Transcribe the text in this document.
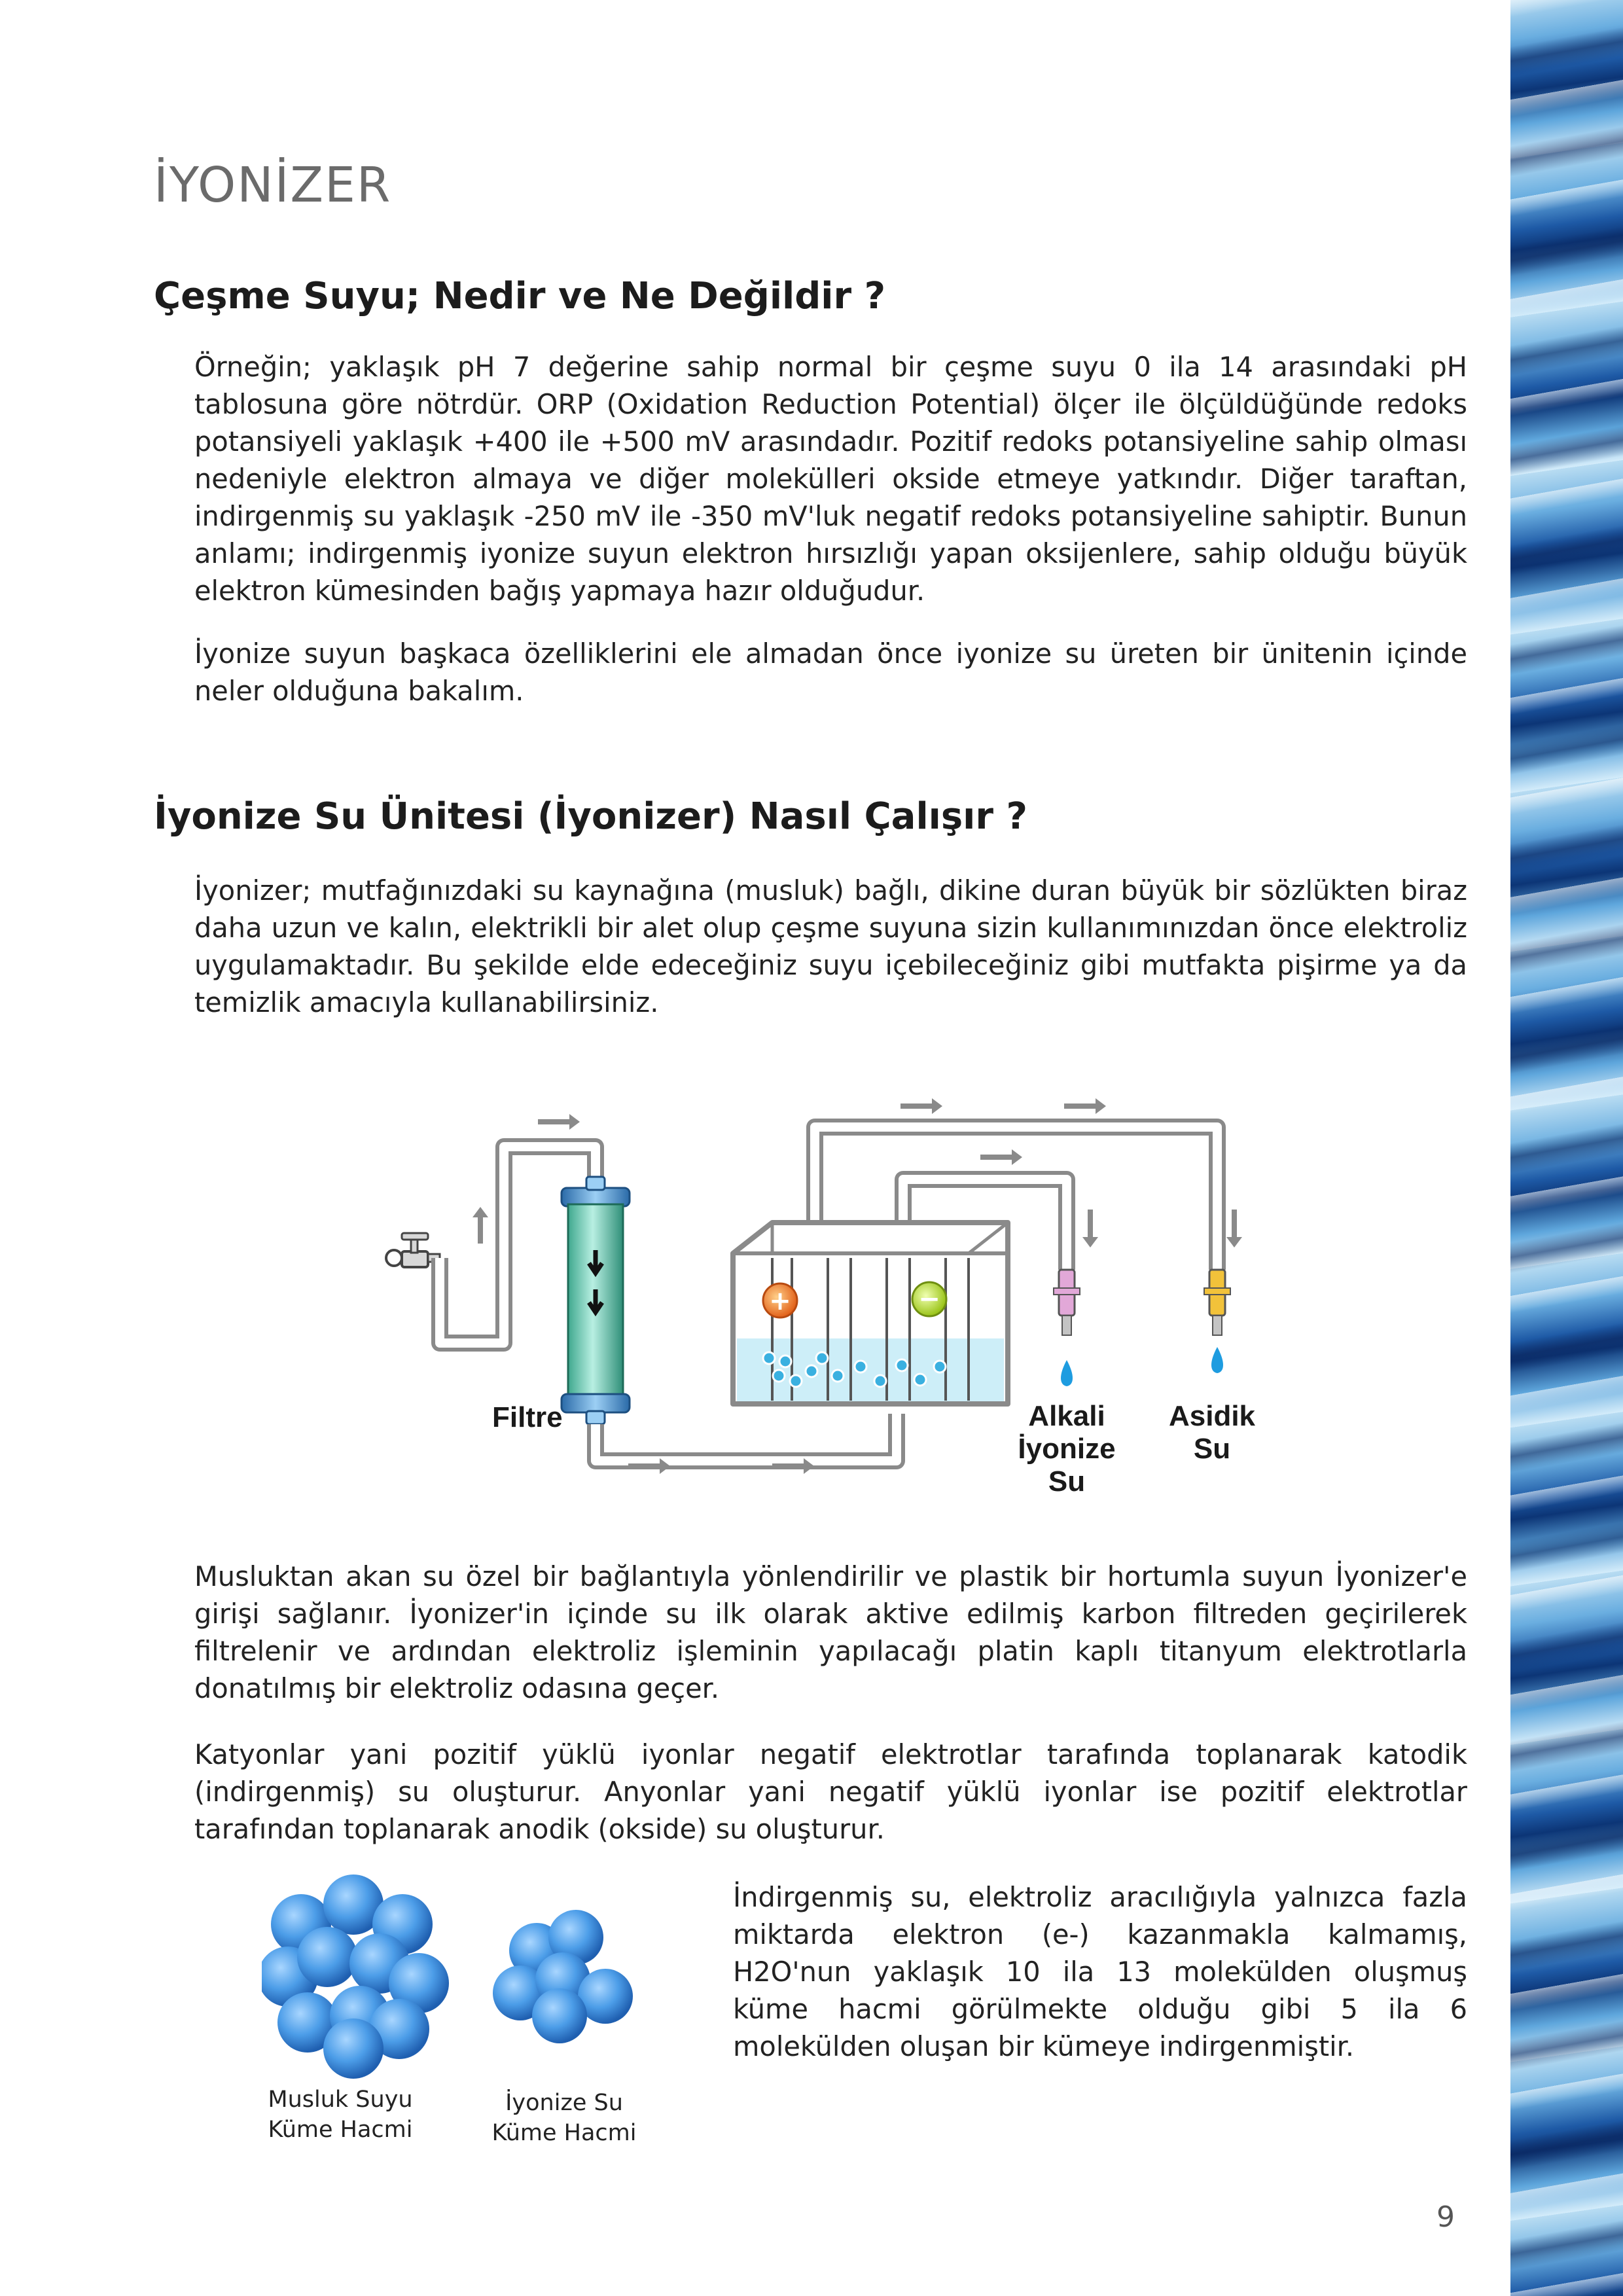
İYONİZER
Çeşme Suyu; Nedir ve Ne Değildir ?

Örneğin; yaklaşık pH 7 değerine sahip normal bir çeşme suyu 0 ila 14 arasındaki pH tablosuna göre nötrdür. ORP (Oxidation Reduction Potential) ölçer ile ölçüldüğünde redoks potansiyeli yaklaşık +400 ile +500 mV arasındadır. Pozitif redoks potansiyeline sahip olması nedeniyle elektron almaya ve diğer molekülleri okside etmeye yatkındır. Diğer taraftan, indirgenmiş su yaklaşık -250 mV ile -350 mV'luk negatif redoks potansiyeline sahiptir. Bunun anlamı; indirgenmiş iyonize suyun elektron hırsızlığı yapan oksijenlere, sahip olduğu büyük elektron kümesinden bağış yapmaya hazır olduğudur.

İyonize suyun başkaca özelliklerini ele almadan önce iyonize su üreten bir ünitenin içinde neler olduğuna bakalım.

İyonize Su Ünitesi (İyonizer) Nasıl Çalışır ?

İyonizer; mutfağınızdaki su kaynağına (musluk) bağlı, dikine duran büyük bir sözlükten biraz daha uzun ve kalın, elektrikli bir alet olup çeşme suyuna sizin kullanımınızdan önce elektroliz uygulamaktadır. Bu şekilde elde edeceğiniz suyu içebileceğiniz gibi mutfakta pişirme ya da temizlik amacıyla kullanabilirsiniz.

+	−
Filtre	Alkali
İyonize
Su
Asidik
Su

Musluktan akan su özel bir bağlantıyla yönlendirilir ve plastik bir hortumla suyun İyonizer'e girişi sağlanır. İyonizer'in içinde su ilk olarak aktive edilmiş karbon filtreden geçirilerek filtrelenir ve ardından elektroliz işleminin yapılacağı platin kaplı titanyum elektrotlarla donatılmış bir elektroliz odasına geçer.

Katyonlar yani pozitif yüklü iyonlar negatif elektrotlar tarafında toplanarak katodik (indirgenmiş) su oluşturur. Anyonlar yani negatif yüklü iyonlar ise pozitif elektrotlar tarafından toplanarak anodik (okside) su oluşturur.

İndirgenmiş su, elektroliz aracılığıyla yalnızca fazla miktarda elektron (e-) kazanmakla kalmamış, H2O'nun yaklaşık 10 ila 13 molekülden oluşmuş küme hacmi görülmekte olduğu gibi 5 ila 6 molekülden oluşan bir kümeye indirgenmiştir.

Musluk Suyu
Küme Hacmi
İyonize Su
Küme Hacmi
9
